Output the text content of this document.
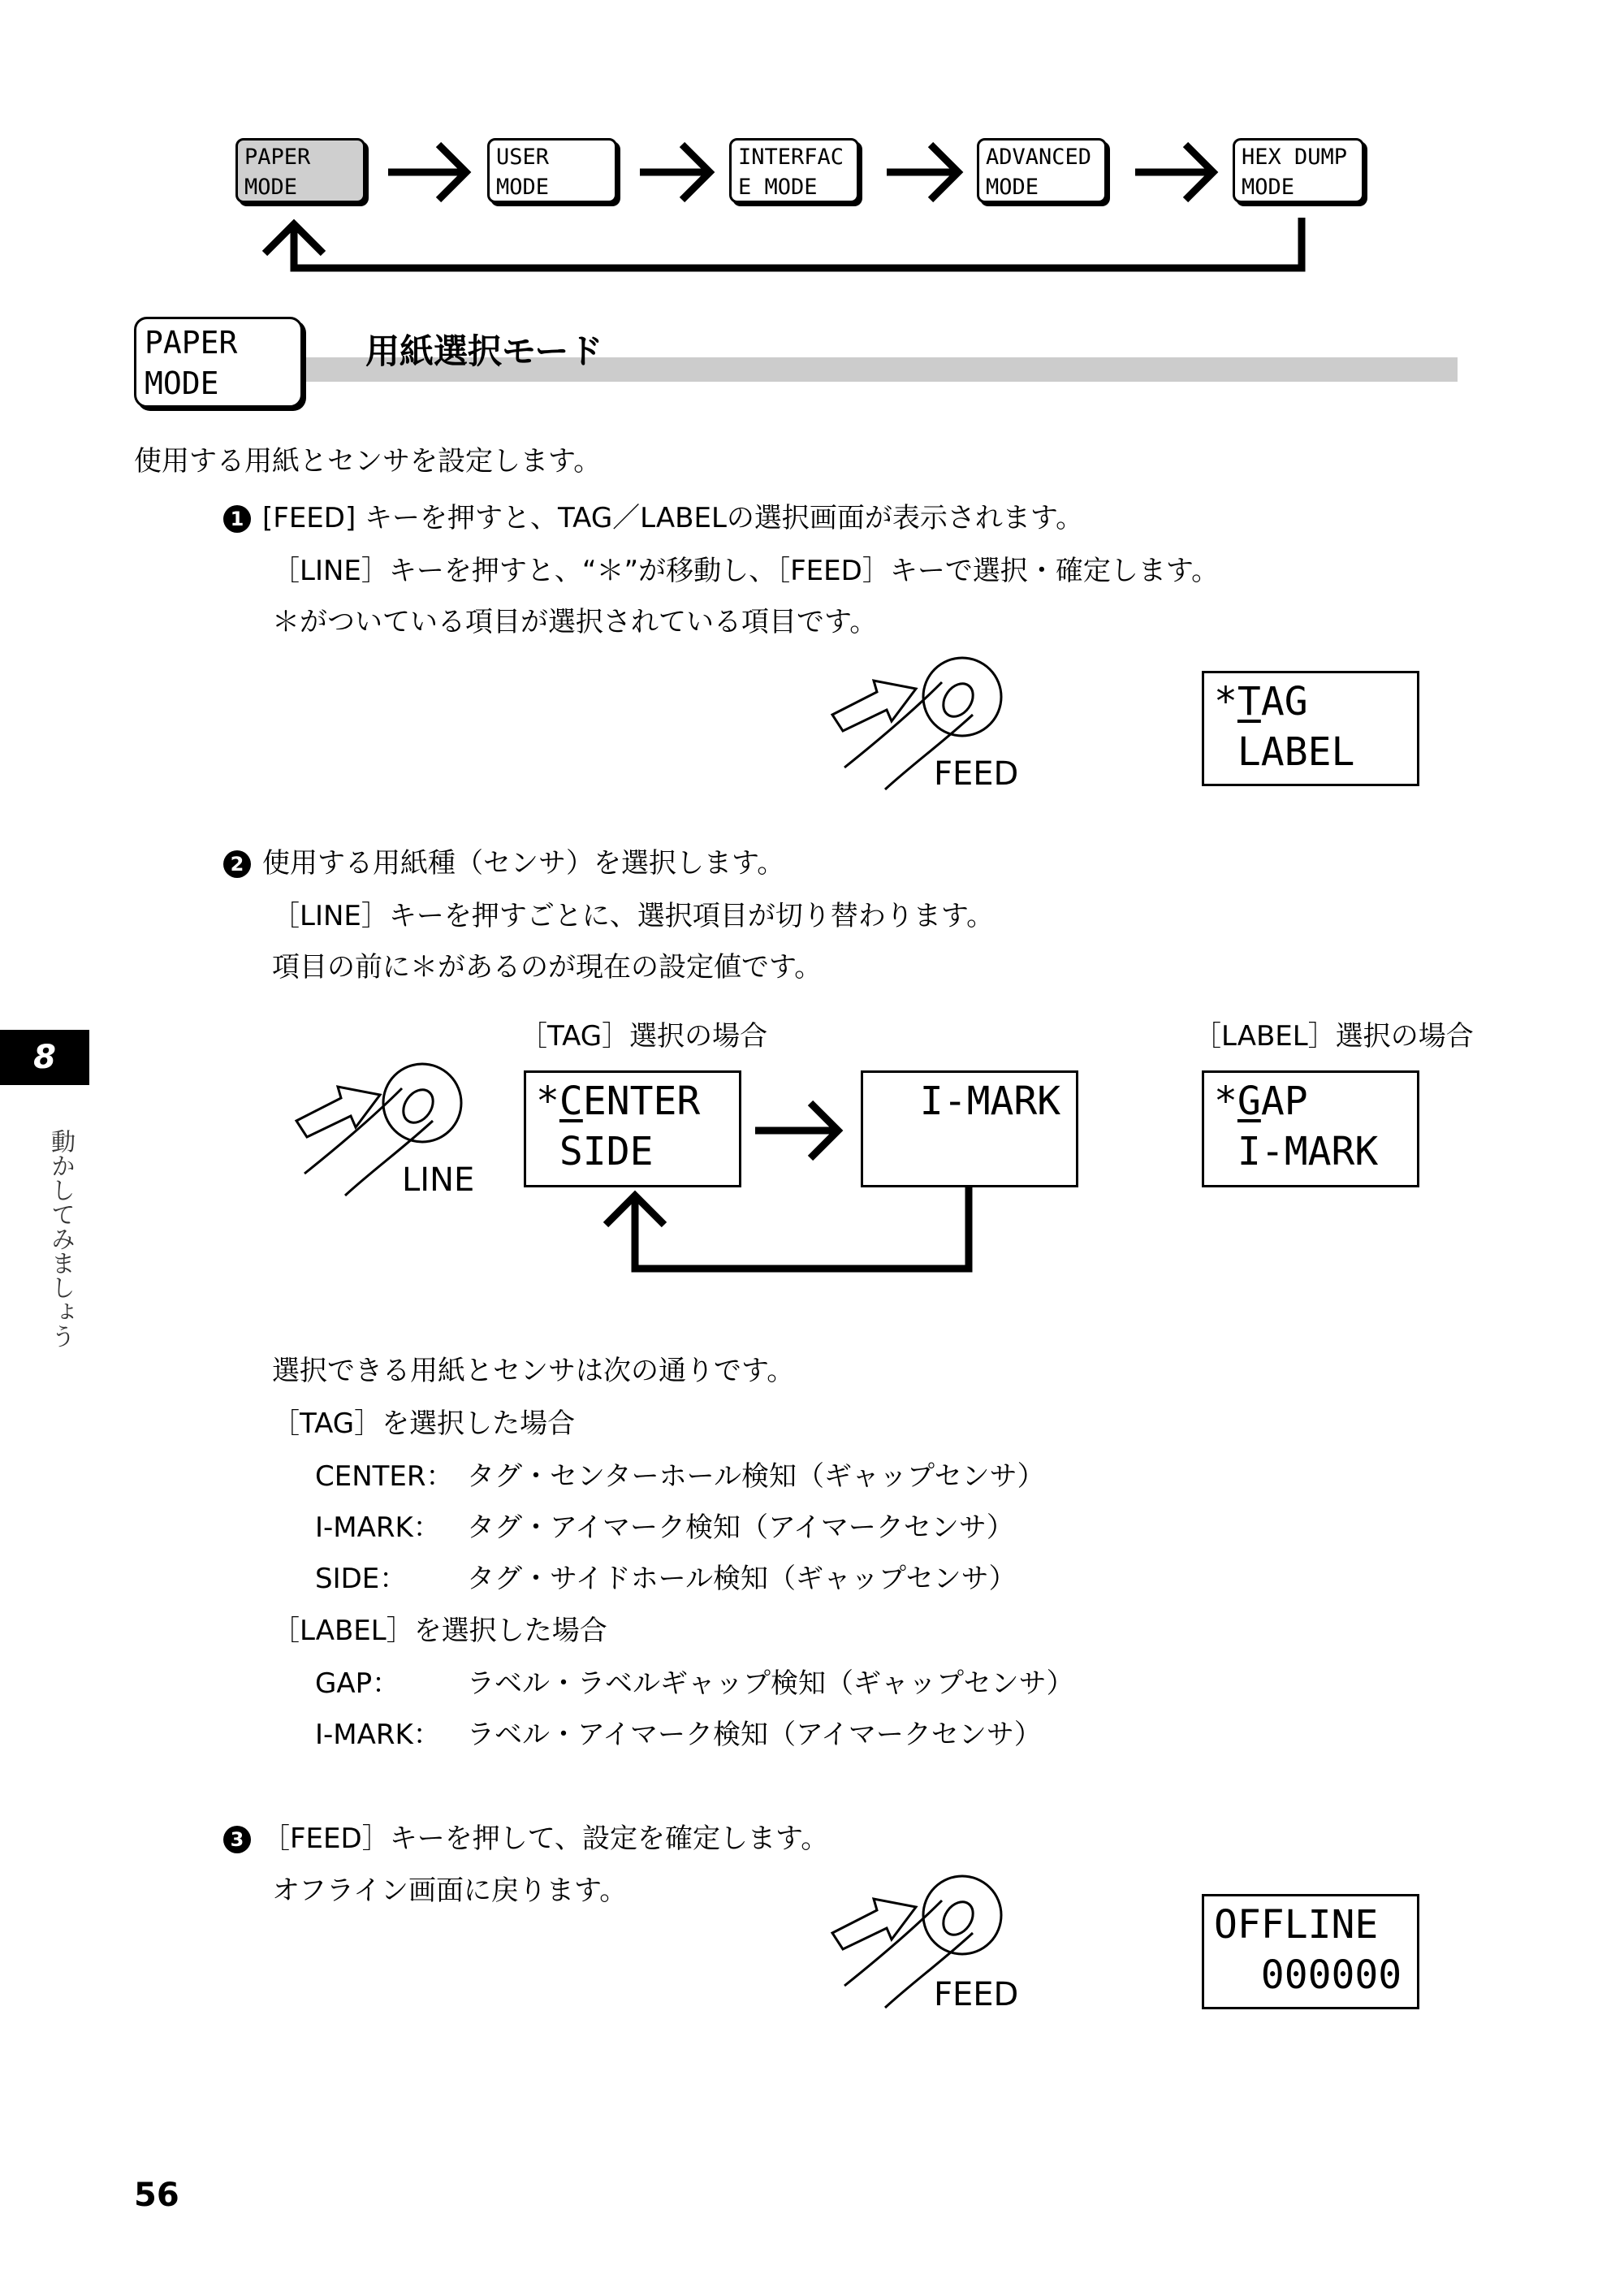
PAPER
MODE
USER
MODE
INTERFAC
E MODE
ADVANCED
MODE
HEX DUMP
MODE
PAPER
MODE
用紙選択モード
使用する用紙とセンサを設定します。
1 [FEED] キーを押すと、TAG／LABELの選択画面が表示されます。
［LINE］キーを押すと、“＊”が移動し、［FEED］キーで選択・確定します。
＊がついている項目が選択されている項目です。
FEED
*TAG
LABEL
2 使用する用紙種（センサ）を選択します。
［LINE］キーを押すごとに、選択項目が切り替わります。
項目の前に＊があるのが現在の設定値です。
［TAG］選択の場合	［LABEL］選択の場合
LINE
*CENTER
SIDE
I-MARK	*GAP
I-MARK
選択できる用紙とセンサは次の通りです。
［TAG］を選択した場合
CENTER： タグ・センターホール検知（ギャップセンサ）
I-MARK： タグ・アイマーク検知（アイマークセンサ）
SIDE： タグ・サイドホール検知（ギャップセンサ）
［LABEL］を選択した場合
GAP： ラベル・ラベルギャップ検知（ギャップセンサ）
I-MARK： ラベル・アイマーク検知（アイマークセンサ）
3 ［FEED］キーを押して、設定を確定します。
オフライン画面に戻ります。
FEED
OFFLINE
000000
8
動かしてみましょう
56
